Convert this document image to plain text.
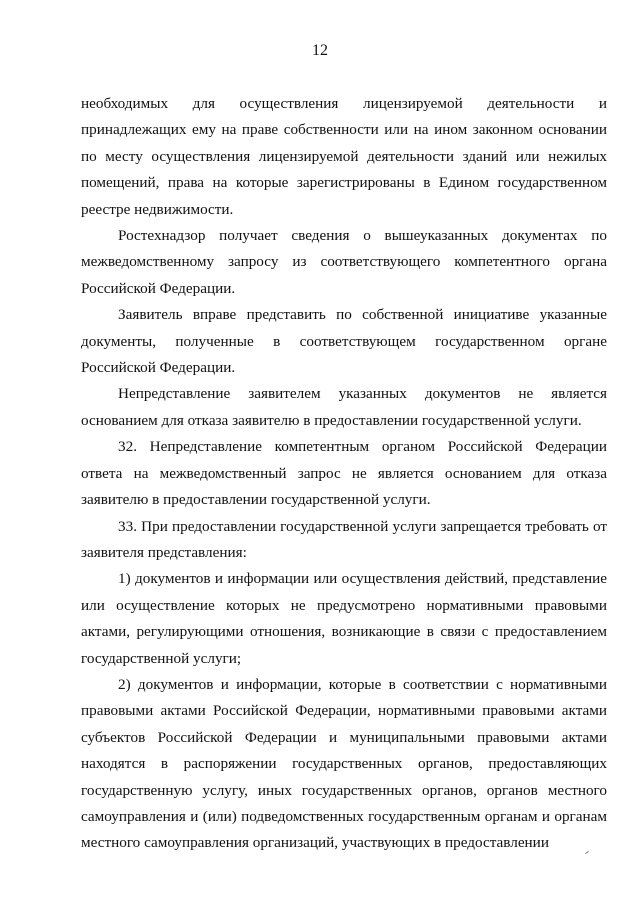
12

необходимых для осуществления лицензируемой деятельности и принадлежащих ему на праве собственности или на ином законном основании по месту осуществления лицензируемой деятельности зданий или нежилых помещений, права на которые зарегистрированы в Едином государственном реестре недвижимости.

Ростехнадзор получает сведения о вышеуказанных документах по межведомственному запросу из соответствующего компетентного органа Российской Федерации.

Заявитель вправе представить по собственной инициативе указанные документы, полученные в соответствующем государственном органе Российской Федерации.

Непредставление заявителем указанных документов не является основанием для отказа заявителю в предоставлении государственной услуги.

32. Непредставление компетентным органом Российской Федерации ответа на межведомственный запрос не является основанием для отказа заявителю в предоставлении государственной услуги.

33. При предоставлении государственной услуги запрещается требовать от заявителя представления:

1) документов и информации или осуществления действий, представление или осуществление которых не предусмотрено нормативными правовыми актами, регулирующими отношения, возникающие в связи с предоставлением государственной услуги;

2) документов и информации, которые в соответствии с нормативными правовыми актами Российской Федерации, нормативными правовыми актами субъектов Российской Федерации и муниципальными правовыми актами находятся в распоряжении государственных органов, предоставляющих государственную услугу, иных государственных органов, органов местного самоуправления и (или) подведомственных государственным органам и органам местного самоуправления организаций, участвующих в предоставлении
